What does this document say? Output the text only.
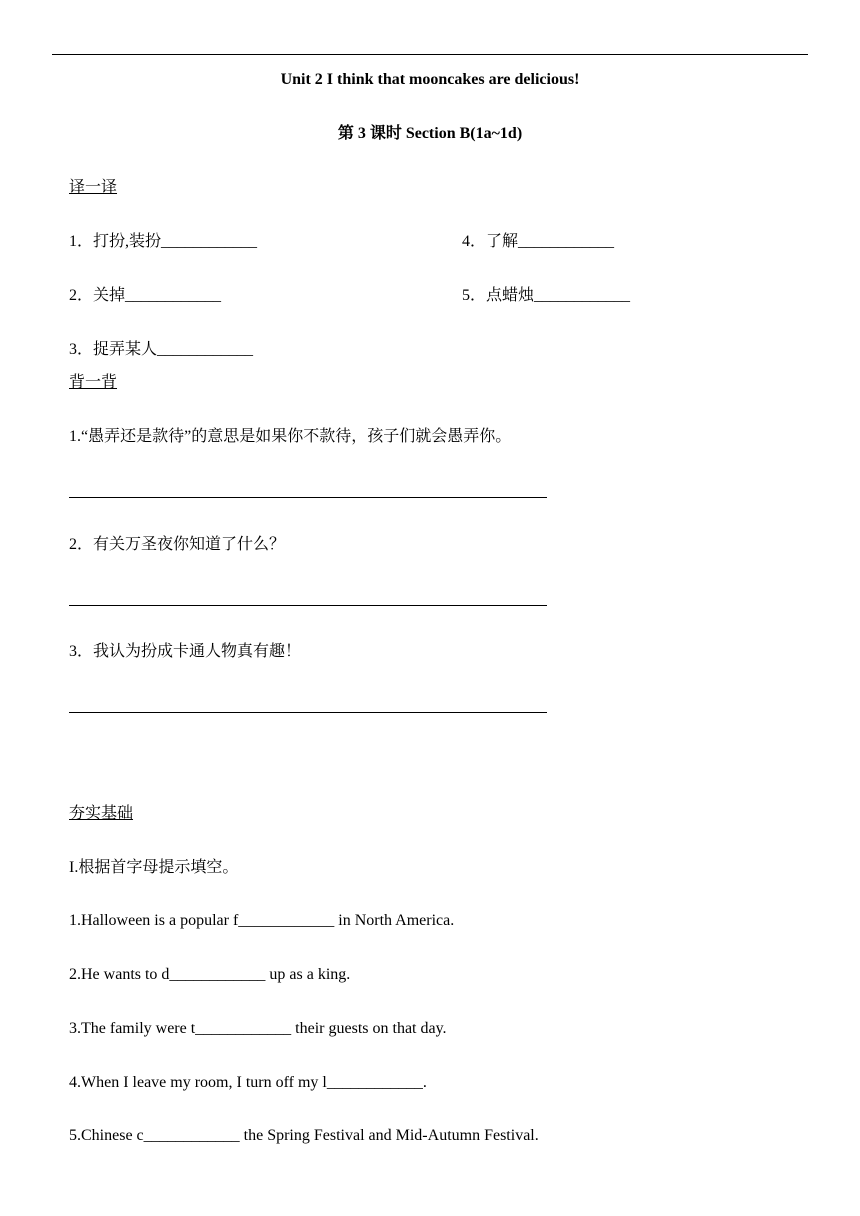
Unit 2 I think that mooncakes are delicious!
第 3 课时 Section B(1a~1d)
译一译
1．打扮,装扮____________	4．了解____________
2．关掉____________	5．点蜡烛____________
3．捉弄某人____________
背一背
1.“愚弄还是款待”的意思是如果你不款待，孩子们就会愚弄你。
2．有关万圣夜你知道了什么？
3．我认为扮成卡通人物真有趣！
夯实基础
I.根据首字母提示填空。
1.Halloween is a popular f____________ in North America.
2.He wants to d____________ up as a king.
3.The family were t____________ their guests on that day.
4.When I leave my room, I turn off my l____________.
5.Chinese c____________ the Spring Festival and Mid-Autumn Festival.
